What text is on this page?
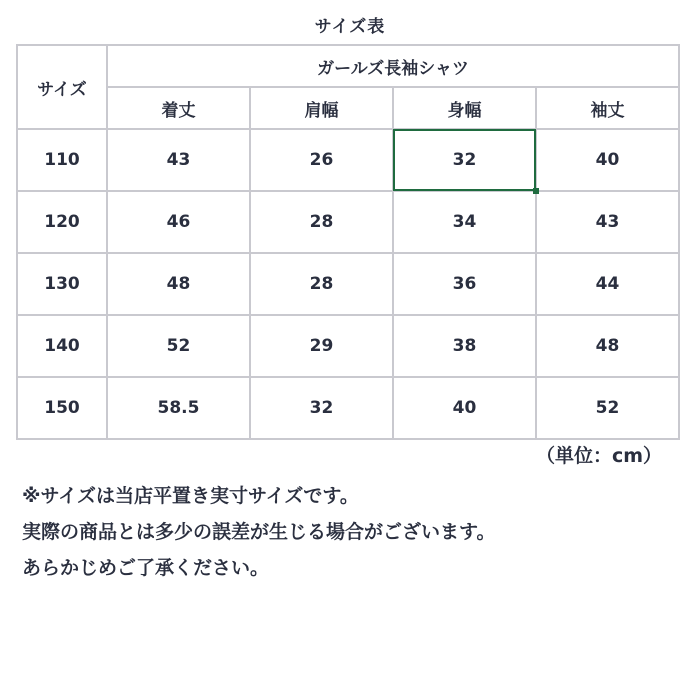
サイズ表
サイズ	ガールズ長袖シャツ			
	着丈	肩幅	身幅	袖丈
110	43	26	32	40
120	46	28	34	43
130	48	28	36	44
140	52	29	38	48
150	58.5	32	40	52
（単位：cm）
※サイズは当店平置き実寸サイズです。
実際の商品とは多少の誤差が生じる場合がございます。
あらかじめご了承ください。
